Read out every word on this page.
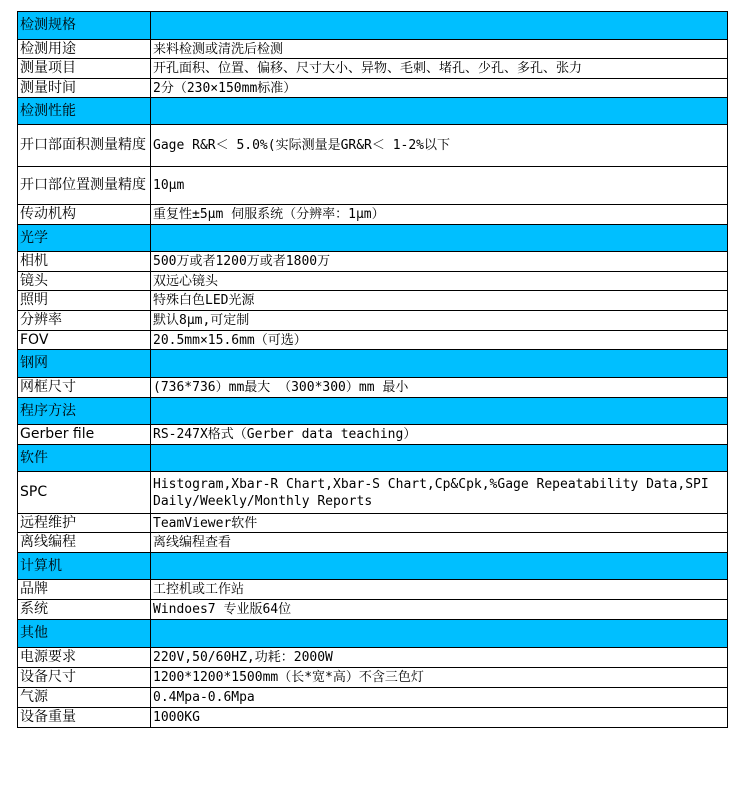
检测规格	
检测用途	来料检测或清洗后检测
测量项目	开孔面积、位置、偏移、尺寸大小、异物、毛刺、堵孔、少孔、多孔、张力
测量时间	2分（230×150mm标准）
检测性能	
开口部面积测量精度	Gage R&R＜ 5.0%(实际测量是GR&R＜ 1-2%以下
开口部位置测量精度	10μm
传动机构	重复性±5μm 伺服系统（分辨率：1μm）
光学	
相机	500万或者1200万或者1800万
镜头	双远心镜头
照明	特殊白色LED光源
分辨率	默认8μm,可定制
FOV	20.5mm×15.6mm（可选）
钢网	
网框尺寸	(736*736）mm最大 （300*300）mm 最小
程序方法	
Gerber file	RS-247X格式（Gerber data teaching）
软件	
SPC	Histogram,Xbar-R Chart,Xbar-S Chart,Cp&Cpk,%Gage Repeatability Data,SPI Daily/Weekly/Monthly Reports
远程维护	TeamViewer软件
离线编程	离线编程查看
计算机	
品牌	工控机或工作站
系统	Windoes7 专业版64位
其他	
电源要求	220V,50/60HZ,功耗：2000W
设备尺寸	1200*1200*1500mm（长*宽*高）不含三色灯
气源	0.4Mpa-0.6Mpa
设备重量	1000KG
